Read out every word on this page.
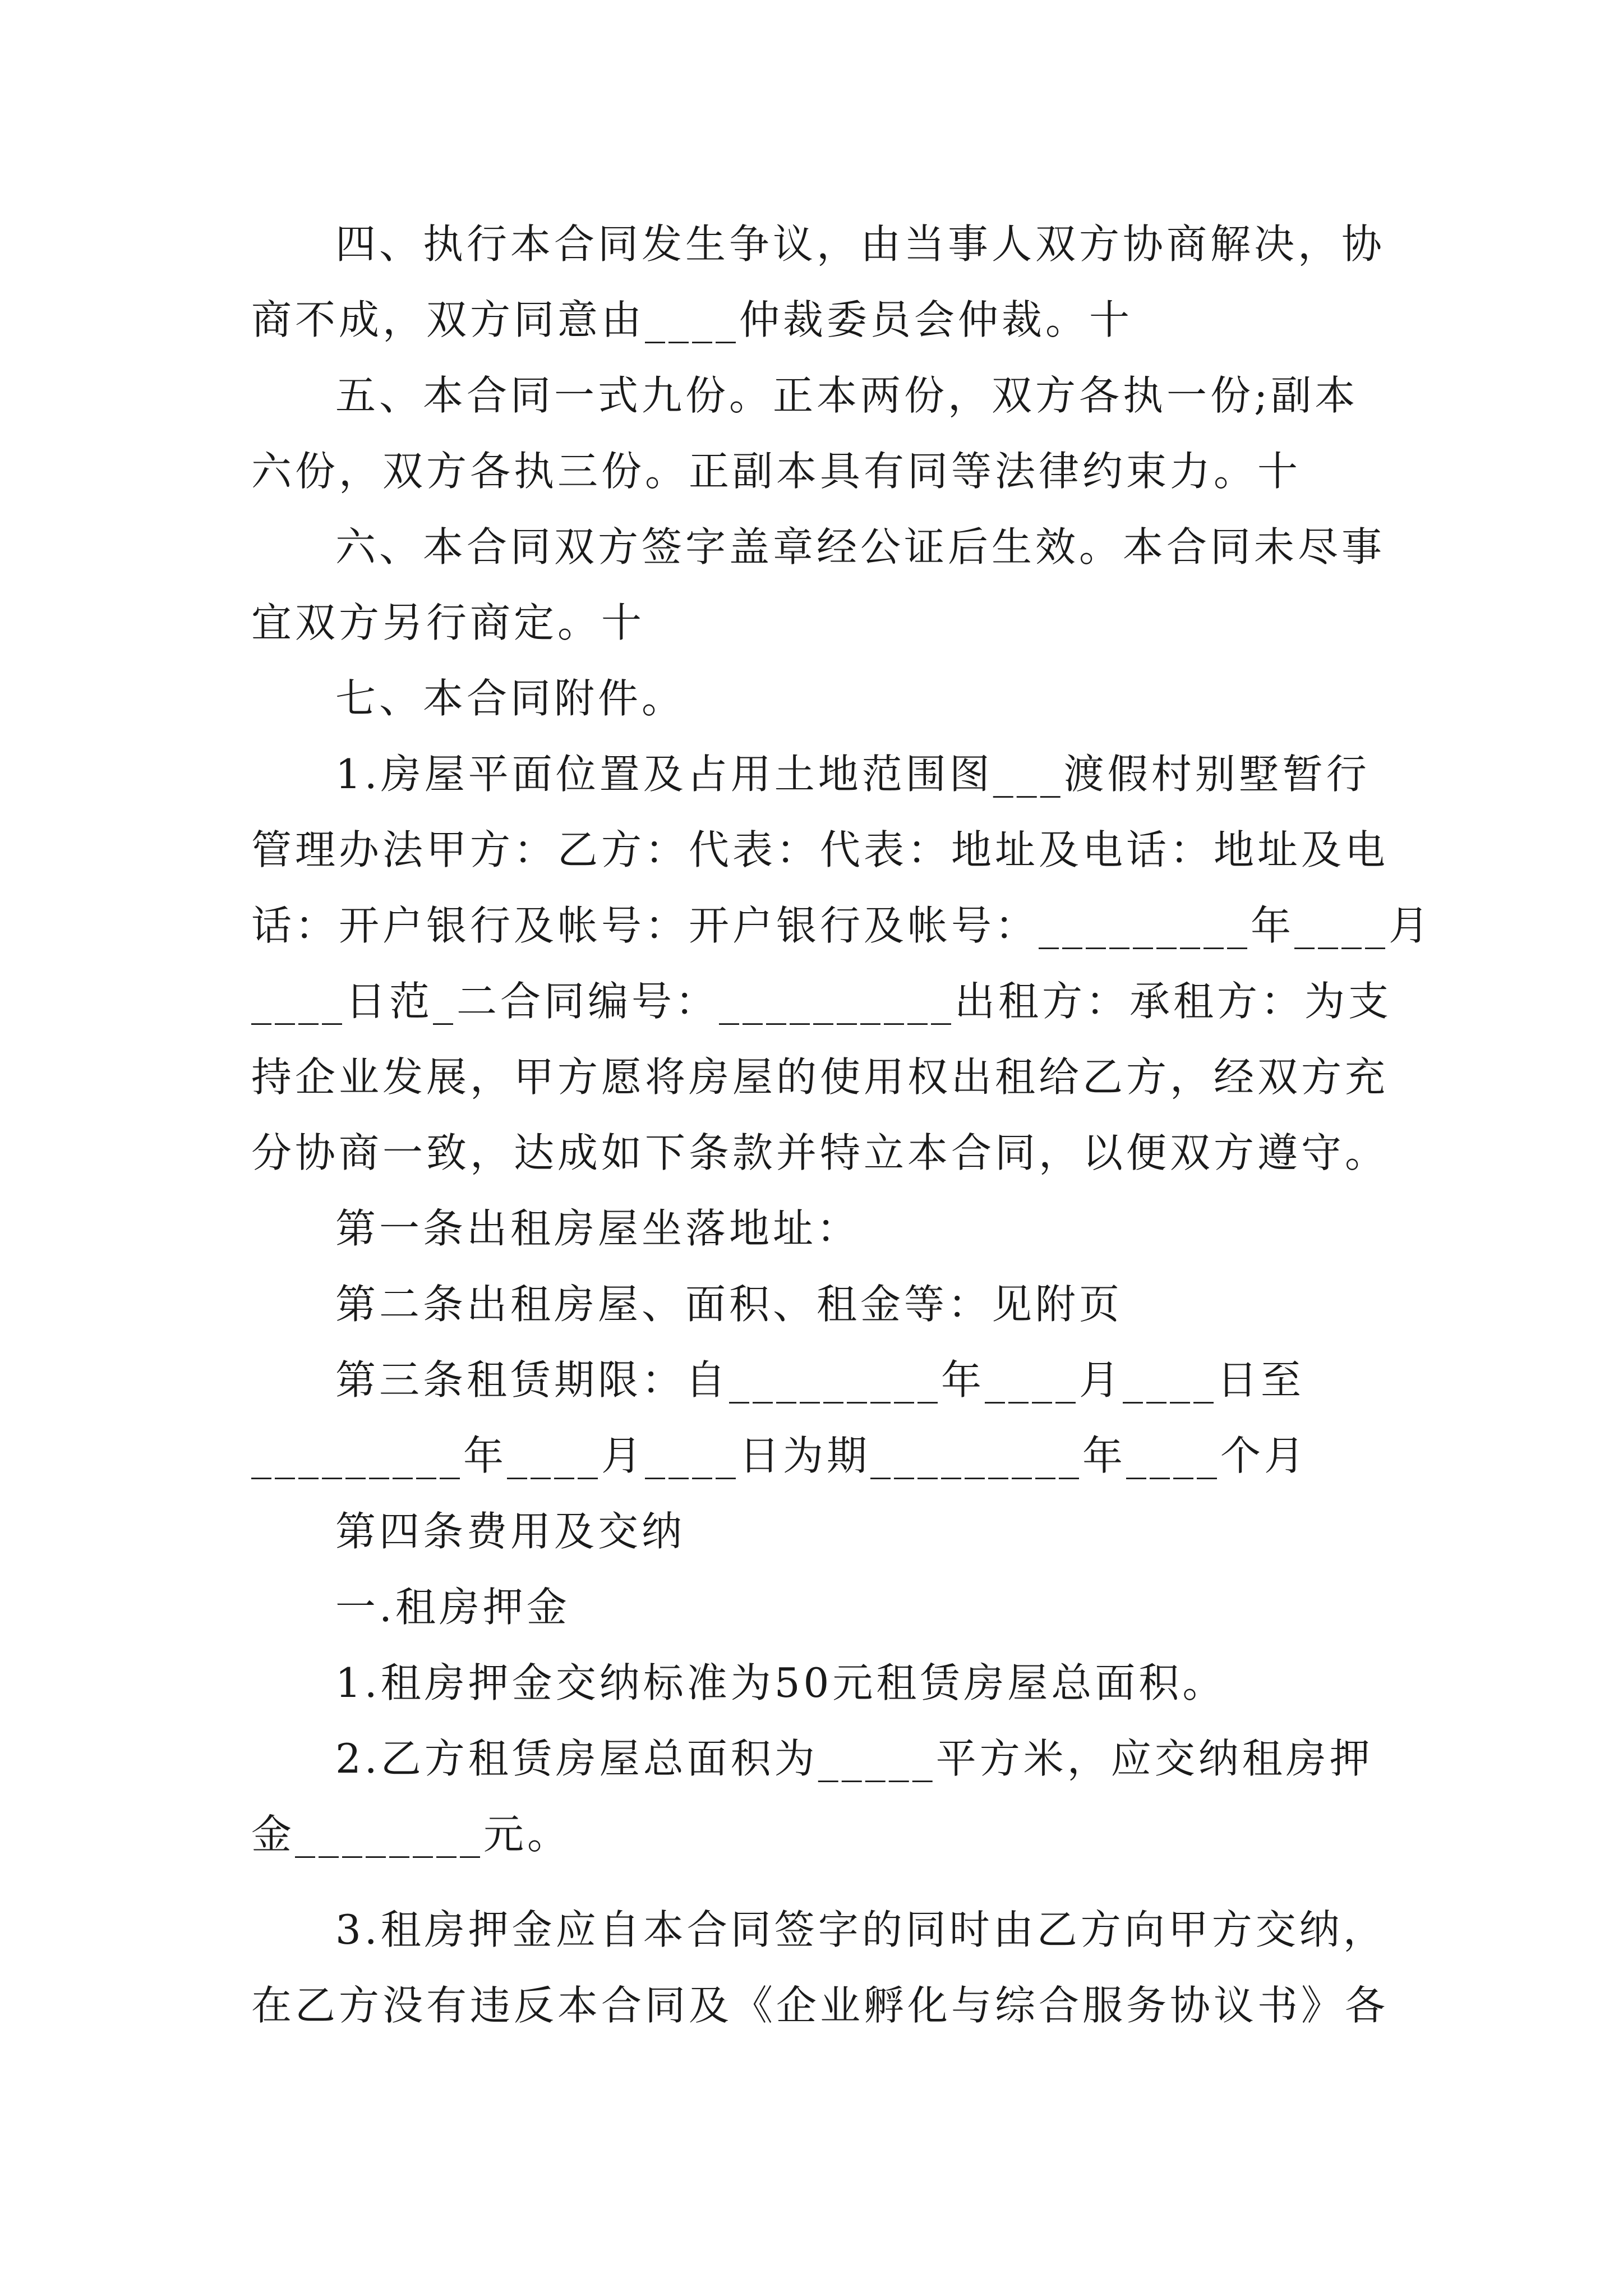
四、执行本合同发生争议，由当事人双方协商解决，协
商不成，双方同意由____仲裁委员会仲裁。十
五、本合同一式九份。正本两份，双方各执一份;副本
六份，双方各执三份。正副本具有同等法律约束力。十
六、本合同双方签字盖章经公证后生效。本合同未尽事
宜双方另行商定。十
七、本合同附件。
1.房屋平面位置及占用土地范围图___渡假村别墅暂行
管理办法甲方：乙方：代表：代表：地址及电话：地址及电
话：开户银行及帐号：开户银行及帐号：_________年____月
____日范_二合同编号：__________出租方：承租方：为支
持企业发展，甲方愿将房屋的使用权出租给乙方，经双方充
分协商一致，达成如下条款并特立本合同，以便双方遵守。
第一条出租房屋坐落地址：
第二条出租房屋、面积、租金等：见附页
第三条租赁期限：自_________年____月____日至
_________年____月____日为期_________年____个月
第四条费用及交纳
一.租房押金
1.租房押金交纳标准为50元租赁房屋总面积。
2.乙方租赁房屋总面积为_____平方米，应交纳租房押
金________元。
3.租房押金应自本合同签字的同时由乙方向甲方交纳，
在乙方没有违反本合同及《企业孵化与综合服务协议书》各
